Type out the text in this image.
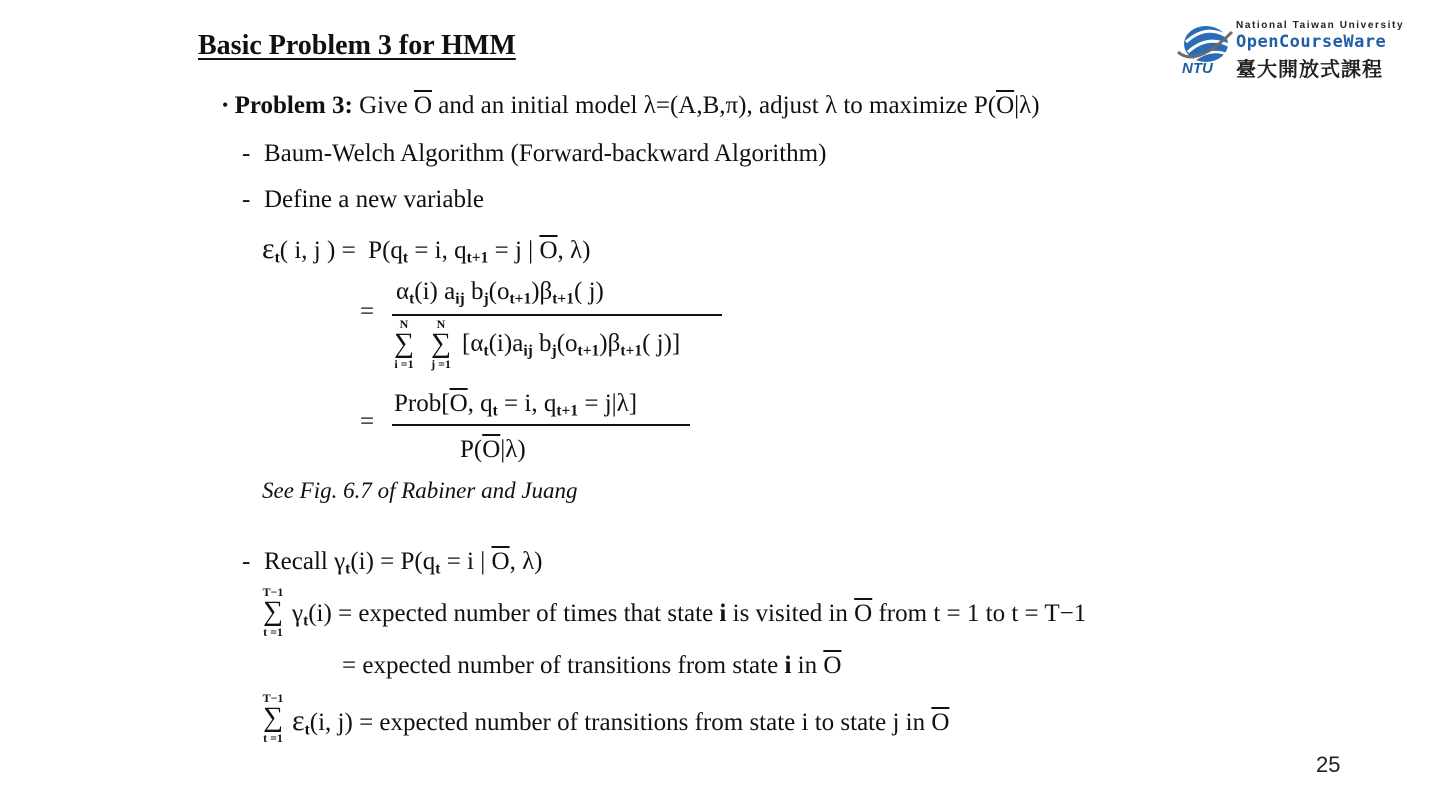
Basic Problem 3 for HMM
NTU
National Taiwan University
OpenCourseWare
臺大開放式課程
• Problem 3: Give $\overline{O}$ and an initial model λ=(A,B,π), adjust λ to maximize $P(\overline{O}|\lambda)$
- Baum-Welch Algorithm (Forward-backward Algorithm)
- Define a new variable
$\varepsilon_t$( i, j ) =  $P(q_t = i$, $q_{t+1} = j$ | $\overline{O}$, λ)
$\alpha_t(i)$ $a_{ij}$ $b_j(o_{t+1})\beta_{t+1}$( j)
=	N
∑
i =1
N
∑
j =1
[$\alpha_t(i)a_{ij}$ $b_j(o_{t+1})\beta_{t+1}$( j)]
$Prob[\overline{O}$, $q_t = i$, $q_{t+1} = j|\lambda$]
=
$P(\overline{O}|\lambda)$
See Fig. 6.7 of Rabiner and Juang
- Recall $\gamma_t(i) = P(q_t = i$ | $\overline{O}$, λ)
T−1
∑
t =1
$\gamma_t(i)$ = expected number of times that state i is visited in $\overline{O}$ from t = 1 to t = T−1
= expected number of transitions from state i in $\overline{O}$
T−1
∑
t =1
$\varepsilon_t(i$, j) = expected number of transitions from state i to state j in $\overline{O}$
25
